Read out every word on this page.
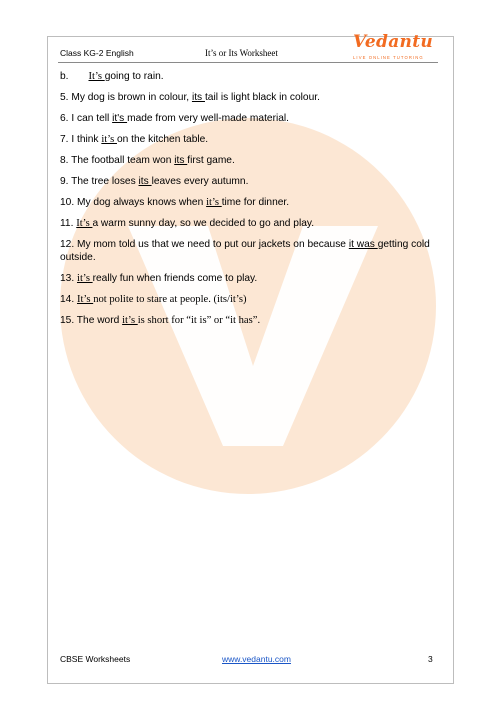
Class KG-2 English	It’s or Its Worksheet
Vedantu
LIVE ONLINE TUTORING

b. It’s going to rain.

5. My dog is brown in colour, its tail is light black in colour.

6. I can tell it's made from very well-made material.

7. I think it’s on the kitchen table.

8. The football team won its first game.

9. The tree loses its leaves every autumn.

10. My dog always knows when it’s time for dinner.

11. It’s a warm sunny day, so we decided to go and play.

12. My mom told us that we need to put our jackets on because it was getting cold outside.

13. it’s really fun when friends come to play.

14. It’s not polite to stare at people. (its/it’s)

15. The word it’s is short for “it is” or “it has”.

CBSE Worksheets	www.vedantu.com	3
